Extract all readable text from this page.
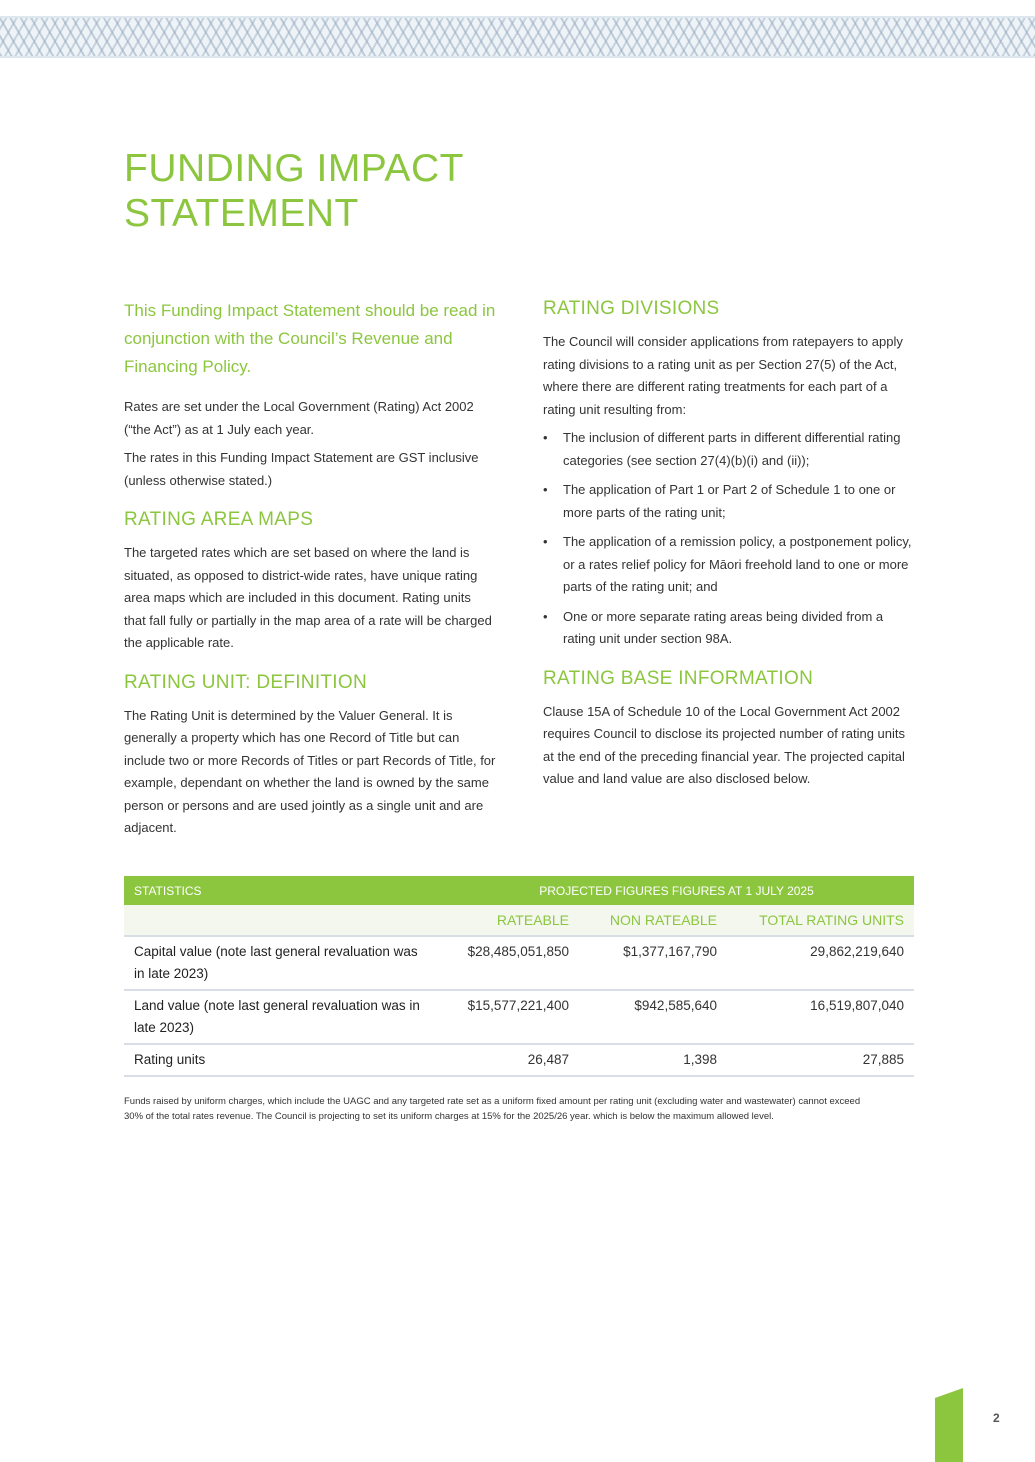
FUNDING IMPACT STATEMENT

This Funding Impact Statement should be read in conjunction with the Council’s Revenue and Financing Policy.

Rates are set under the Local Government (Rating) Act 2002 (“the Act”) as at 1 July each year.

The rates in this Funding Impact Statement are GST inclusive (unless otherwise stated.)

RATING AREA MAPS

The targeted rates which are set based on where the land is situated, as opposed to district-wide rates, have unique rating area maps which are included in this document. Rating units that fall fully or partially in the map area of a rate will be charged the applicable rate.

RATING UNIT: DEFINITION

The Rating Unit is determined by the Valuer General. It is generally a property which has one Record of Title but can include two or more Records of Titles or part Records of Title, for example, dependant on whether the land is owned by the same person or persons and are used jointly as a single unit and are adjacent.

RATING DIVISIONS

The Council will consider applications from ratepayers to apply rating divisions to a rating unit as per Section 27(5) of the Act, where there are different rating treatments for each part of a rating unit resulting from:

• The inclusion of different parts in different differential rating categories (see section 27(4)(b)(i) and (ii));
• The application of Part 1 or Part 2 of Schedule 1 to one or more parts of the rating unit;
• The application of a remission policy, a postponement policy, or a rates relief policy for Māori freehold land to one or more parts of the rating unit; and
• One or more separate rating areas being divided from a rating unit under section 98A.
RATING BASE INFORMATION

Clause 15A of Schedule 10 of the Local Government Act 2002 requires Council to disclose its projected number of rating units at the end of the preceding financial year. The projected capital value and land value are also disclosed below.

STATISTICS	PROJECTED FIGURES FIGURES AT 1 JULY 2025		
	RATEABLE	NON RATEABLE	TOTAL RATING UNITS
Capital value (note last general revaluation was in late 2023)	$28,485,051,850	$1,377,167,790	29,862,219,640
Land value (note last general revaluation was in late 2023)	$15,577,221,400	$942,585,640	16,519,807,040
Rating units	26,487	1,398	27,885

Funds raised by uniform charges, which include the UAGC and any targeted rate set as a uniform fixed amount per rating unit (excluding water and wastewater) cannot exceed 30% of the total rates revenue. The Council is projecting to set its uniform charges at 15% for the 2025/26 year. which is below the maximum allowed level.

2
